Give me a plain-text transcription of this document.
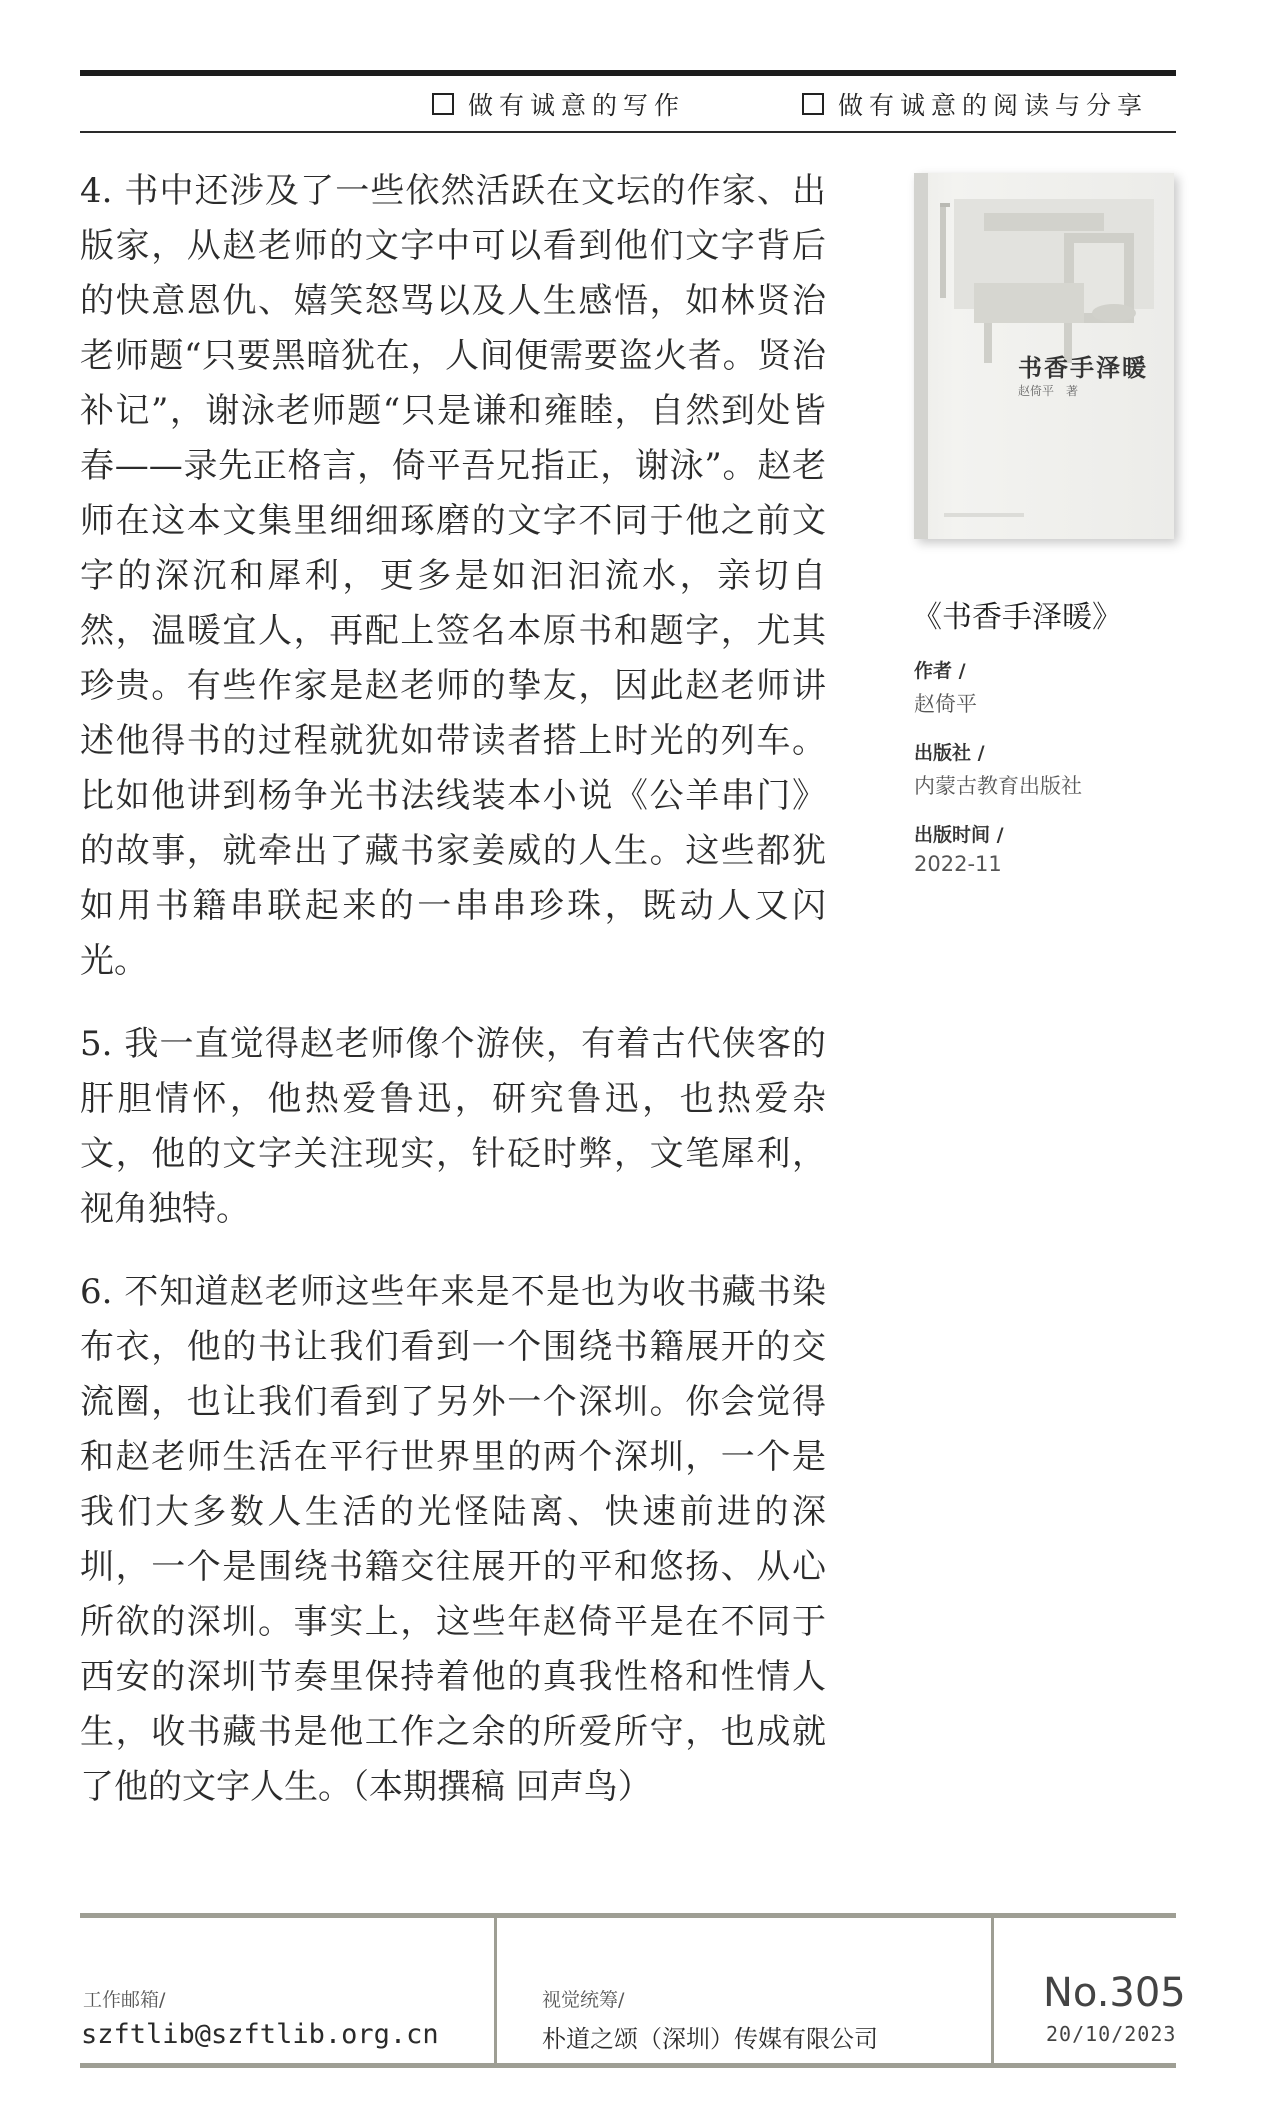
做有诚意的写作	做有诚意的阅读与分享

4. 书中还涉及了一些依然活跃在文坛的作家、出版家，从赵老师的文字中可以看到他们文字背后的快意恩仇、嬉笑怒骂以及人生感悟，如林贤治老师题“只要黑暗犹在，人间便需要盗火者。贤治补记”，谢泳老师题“只是谦和雍睦，自然到处皆春——录先正格言，倚平吾兄指正，谢泳”。赵老师在这本文集里细细琢磨的文字不同于他之前文字的深沉和犀利，更多是如汩汩流水，亲切自然，温暖宜人，再配上签名本原书和题字，尤其珍贵。有些作家是赵老师的挚友，因此赵老师讲述他得书的过程就犹如带读者搭上时光的列车。比如他讲到杨争光书法线装本小说《公羊串门》的故事，就牵出了藏书家姜威的人生。这些都犹如用书籍串联起来的一串串珍珠，既动人又闪光。

5. 我一直觉得赵老师像个游侠，有着古代侠客的肝胆情怀，他热爱鲁迅，研究鲁迅，也热爱杂文，他的文字关注现实，针砭时弊，文笔犀利，视角独特。

6. 不知道赵老师这些年来是不是也为收书藏书染布衣，他的书让我们看到一个围绕书籍展开的交流圈，也让我们看到了另外一个深圳。你会觉得和赵老师生活在平行世界里的两个深圳，一个是我们大多数人生活的光怪陆离、快速前进的深圳，一个是围绕书籍交往展开的平和悠扬、从心所欲的深圳。事实上，这些年赵倚平是在不同于西安的深圳节奏里保持着他的真我性格和性情人生，收书藏书是他工作之余的所爱所守，也成就了他的文字人生。（本期撰稿 回声鸟）

书香手泽暖
赵倚平　著
《书香手泽暖》
作者 /
赵倚平
出版社 /
内蒙古教育出版社
出版时间 /
2022-11
工作邮箱/
szftlib@szftlib.org.cn
视觉统筹/
朴道之颂（深圳）传媒有限公司
No.305
20/10/2023
